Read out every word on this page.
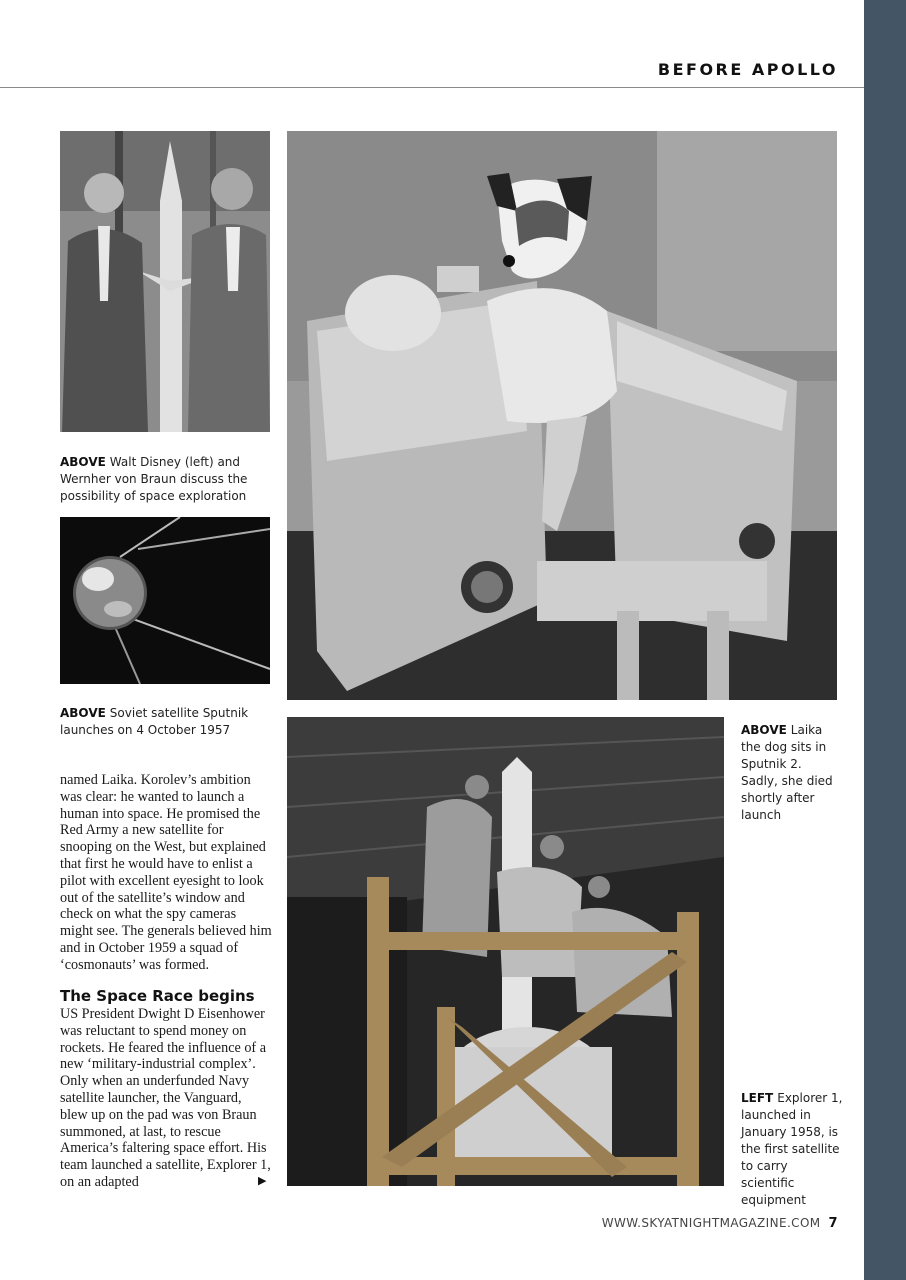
BEFORE APOLLO
ABOVE Walt Disney (left) and Wernher von Braun discuss the possibility of space exploration
ABOVE Soviet satellite Sputnik launches on 4 October 1957	ABOVE Laika the dog sits in Sputnik 2. Sadly, she died shortly after launch
LEFT Explorer 1, launched in January 1958, is the first satellite to carry scientific equipment

named Laika. Korolev’s ambition was clear: he wanted to launch a human into space. He promised the Red Army a new satellite for snooping on the West, but explained that first he would have to enlist a pilot with excellent eyesight to look out of the satellite’s window and check on what the spy cameras might see. The generals believed him and in October 1959 a squad of ‘cosmonauts’ was formed.

The Space Race begins

US President Dwight D Eisenhower was reluctant to spend money on rockets. He feared the influence of a new ‘military-industrial complex’. Only when an underfunded Navy satellite launcher, the Vanguard, blew up on the pad was von Braun summoned, at last, to rescue America’s faltering space effort. His team launched a satellite, Explorer 1, on an adapted	▶
WWW.SKYATNIGHTMAGAZINE.COM 7
